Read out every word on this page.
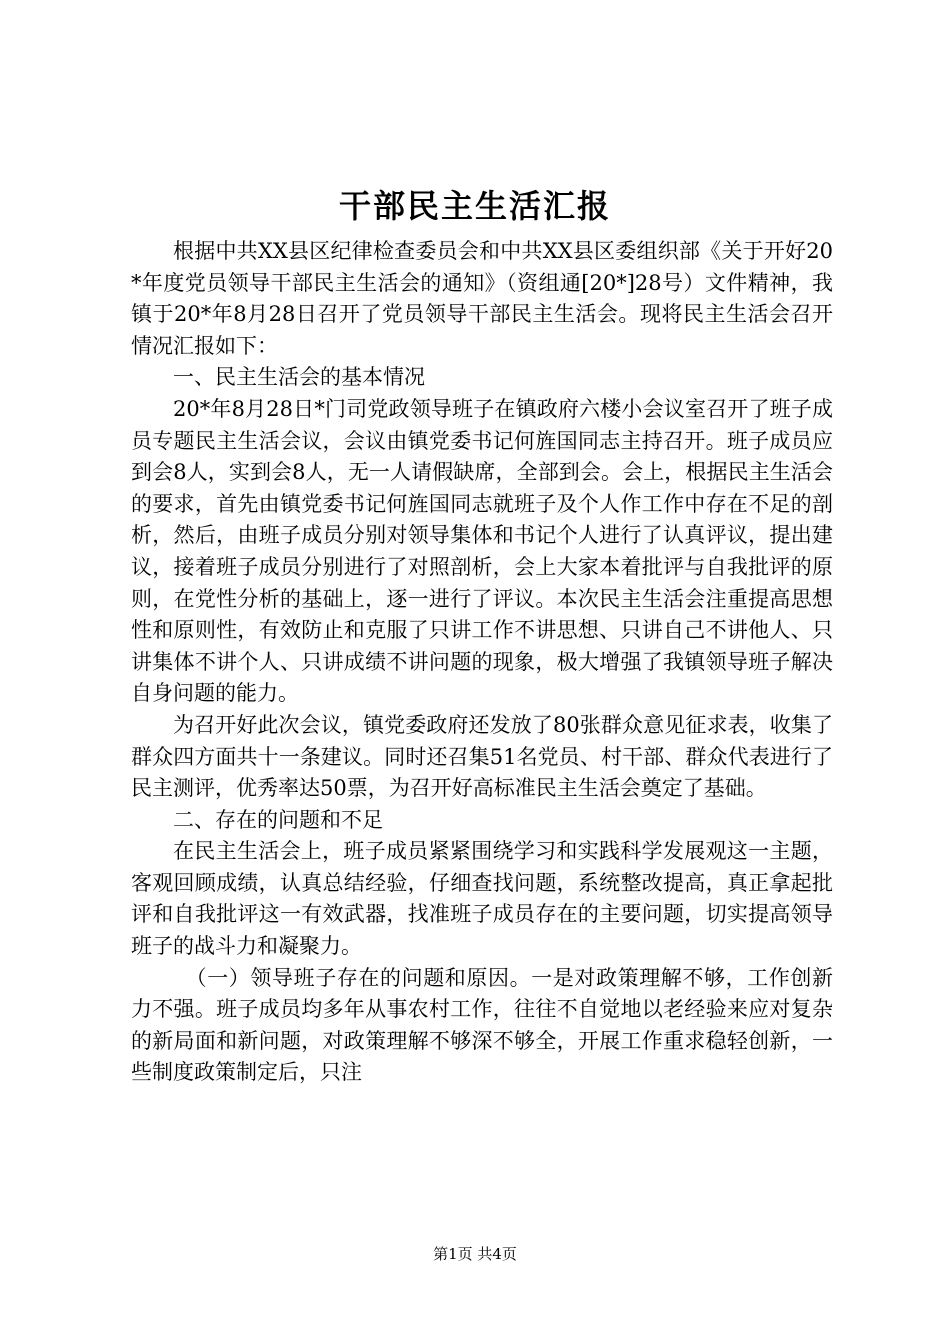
干部民主生活汇报

根据中共XX县区纪律检查委员会和中共XX县区委组织部《关于开好20*年度党员领导干部民主生活会的通知》（资组通[20*]28号）文件精神，我镇于20*年8月28日召开了党员领导干部民主生活会。现将民主生活会召开情况汇报如下：

一、民主生活会的基本情况

20*年8月28日*门司党政领导班子在镇政府六楼小会议室召开了班子成员专题民主生活会议，会议由镇党委书记何旌国同志主持召开。班子成员应到会8人，实到会8人，无一人请假缺席，全部到会。会上，根据民主生活会的要求，首先由镇党委书记何旌国同志就班子及个人作工作中存在不足的剖析，然后，由班子成员分别对领导集体和书记个人进行了认真评议，提出建议，接着班子成员分别进行了对照剖析，会上大家本着批评与自我批评的原则，在党性分析的基础上，逐一进行了评议。本次民主生活会注重提高思想性和原则性，有效防止和克服了只讲工作不讲思想、只讲自己不讲他人、只讲集体不讲个人、只讲成绩不讲问题的现象，极大增强了我镇领导班子解决自身问题的能力。

为召开好此次会议，镇党委政府还发放了80张群众意见征求表，收集了群众四方面共十一条建议。同时还召集51名党员、村干部、群众代表进行了民主测评，优秀率达50票，为召开好高标准民主生活会奠定了基础。

二、存在的问题和不足

在民主生活会上，班子成员紧紧围绕学习和实践科学发展观这一主题，客观回顾成绩，认真总结经验，仔细查找问题，系统整改提高，真正拿起批评和自我批评这一有效武器，找准班子成员存在的主要问题，切实提高领导班子的战斗力和凝聚力。

（一）领导班子存在的问题和原因。一是对政策理解不够，工作创新力不强。班子成员均多年从事农村工作，往往不自觉地以老经验来应对复杂的新局面和新问题，对政策理解不够深不够全，开展工作重求稳轻创新，一些制度政策制定后，只注

第1页 共4页
